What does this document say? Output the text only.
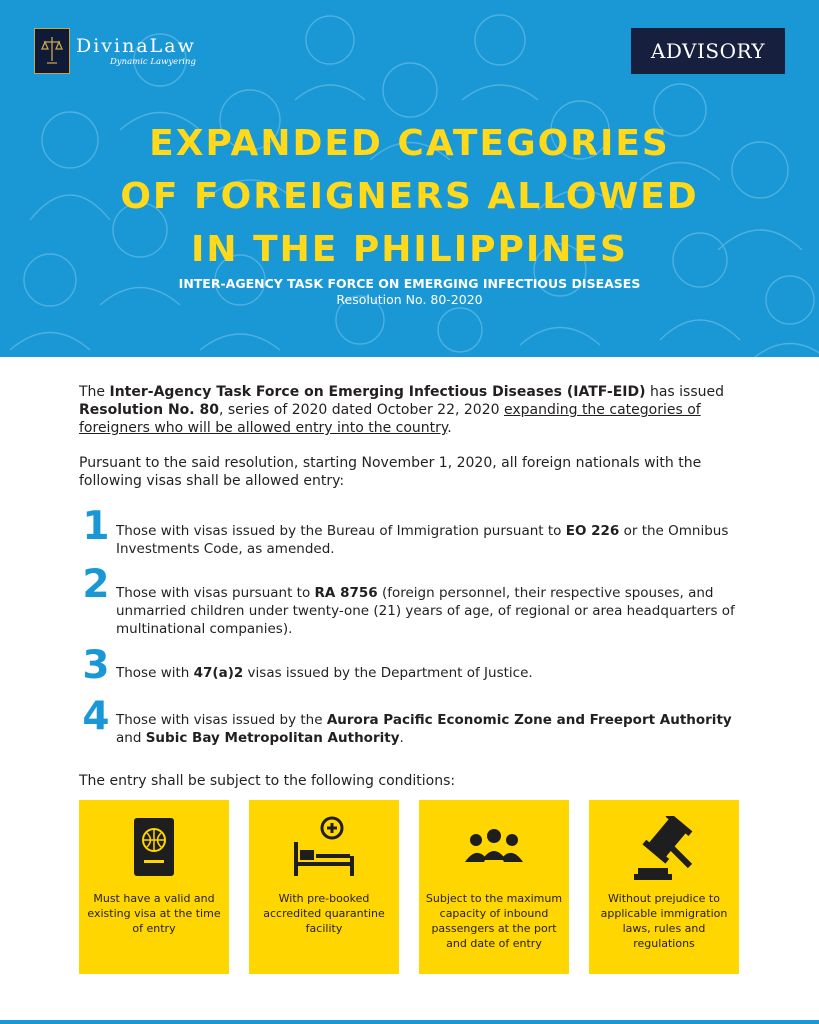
DivinaLaw
Dynamic Lawyering	ADVISORY
EXPANDED CATEGORIES
OF FOREIGNERS ALLOWED
IN THE PHILIPPINES
INTER-AGENCY TASK FORCE ON EMERGING INFECTIOUS DISEASES
Resolution No. 80-2020

The Inter-Agency Task Force on Emerging Infectious Diseases (IATF-EID) has issued Resolution No. 80, series of 2020 dated October 22, 2020 expanding the categories of foreigners who will be allowed entry into the country.

Pursuant to the said resolution, starting November 1, 2020, all foreign nationals with the following visas shall be allowed entry:

1 Those with visas issued by the Bureau of Immigration pursuant to EO 226 or the Omnibus Investments Code, as amended.
2 Those with visas pursuant to RA 8756 (foreign personnel, their respective spouses, and unmarried children under twenty-one (21) years of age, of regional or area headquarters of multinational companies).
3 Those with 47(a)2 visas issued by the Department of Justice.
4 Those with visas issued by the Aurora Pacific Economic Zone and Freeport Authority and Subic Bay Metropolitan Authority.
The entry shall be subject to the following conditions:
Must have a valid and existing visa at the time of entry
With pre-booked accredited quarantine facility
Subject to the maximum capacity of inbound passengers at the port and date of entry
Without prejudice to applicable immigration laws, rules and regulations
